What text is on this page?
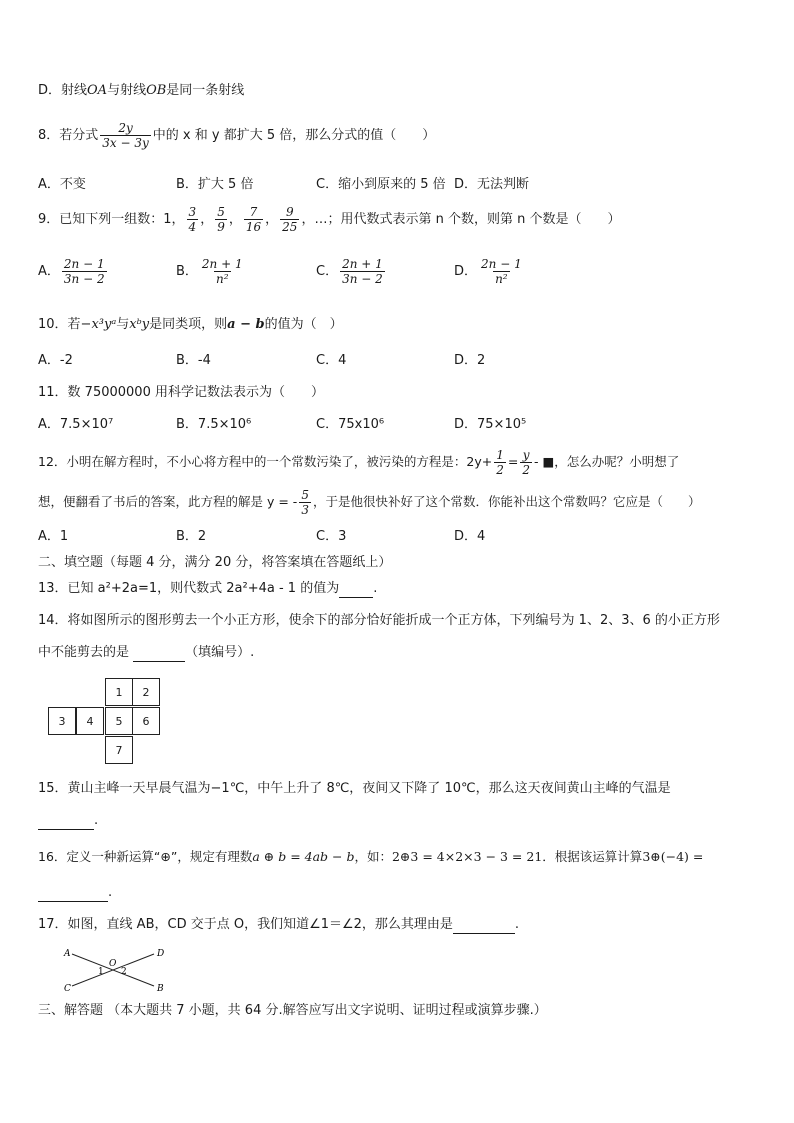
D．射线OA与射线OB是同一条射线
8．若分式 $\frac{2y}{3x - 3y}$ 中的 x 和 y 都扩大 5 倍，那么分式的值（　　）
A．不变	B．扩大 5 倍	C．缩小到原来的 5 倍 D．无法判断
9．已知下列一组数：1， $\frac{3}{4}$ ， $\frac{5}{9}$ ， $\frac{7}{16}$ ， $\frac{9}{25}$ ，…；用代数式表示第 n 个数，则第 n 个数是（　　）
A． $\frac{2n - 1}{3n - 2}$	B． $\frac{2n + 1}{\text{n²}}$	C． $\frac{2n + 1}{3n - 2}$	D． $\frac{2n - 1}{\text{n²}}$
10．若−x³yᵃ与xᵇy是同类项，则a − b的值为（　）
A．-2	B．-4	C．4	D．2
11．数 75000000 用科学记数法表示为（　　）
A．7.5×10⁷	B．7.5×10⁶	C．75x10⁶	D．75×10⁵
12．小明在解方程时，不小心将方程中的一个常数污染了，被污染的方程是：$2y+ \frac{1}{2} = \frac{y}{2}$ - ■，怎么办呢？小明想了
想，便翻看了书后的答案，此方程的解是 y = - $\frac{5}{3}$ ，于是他很快补好了这个常数．你能补出这个常数吗？它应是（　　）
A．1	B．2	C．3	D．4
二、填空题（每题 4 分，满分 20 分，将答案填在答题纸上）
13．已知 a²+2a=1，则代数式 2a²+4a - 1 的值为	.
14．将如图所示的图形剪去一个小正方形，使余下的部分恰好能折成一个正方体，下列编号为 1、2、3、6 的小正方形
中不能剪去的是	（填编号）.
1	2
3	4	5	6
7
15．黄山主峰一天早晨气温为−1℃，中午上升了 8℃，夜间又下降了 10℃，那么这天夜间黄山主峰的气温是
.
16．定义一种新运算“⊕”，规定有理数a ⊕ b = 4ab − b，如：2⊕3 = 4×2×3 − 3 = 21．根据该运算计算3⊕(−4) =
.
17．如图，直线 AB，CD 交于点 O，我们知道∠1＝∠2，那么其理由是	.
A
B
C
D
O
1 2
三、解答题 （本大题共 7 小题，共 64 分.解答应写出文字说明、证明过程或演算步骤.）
